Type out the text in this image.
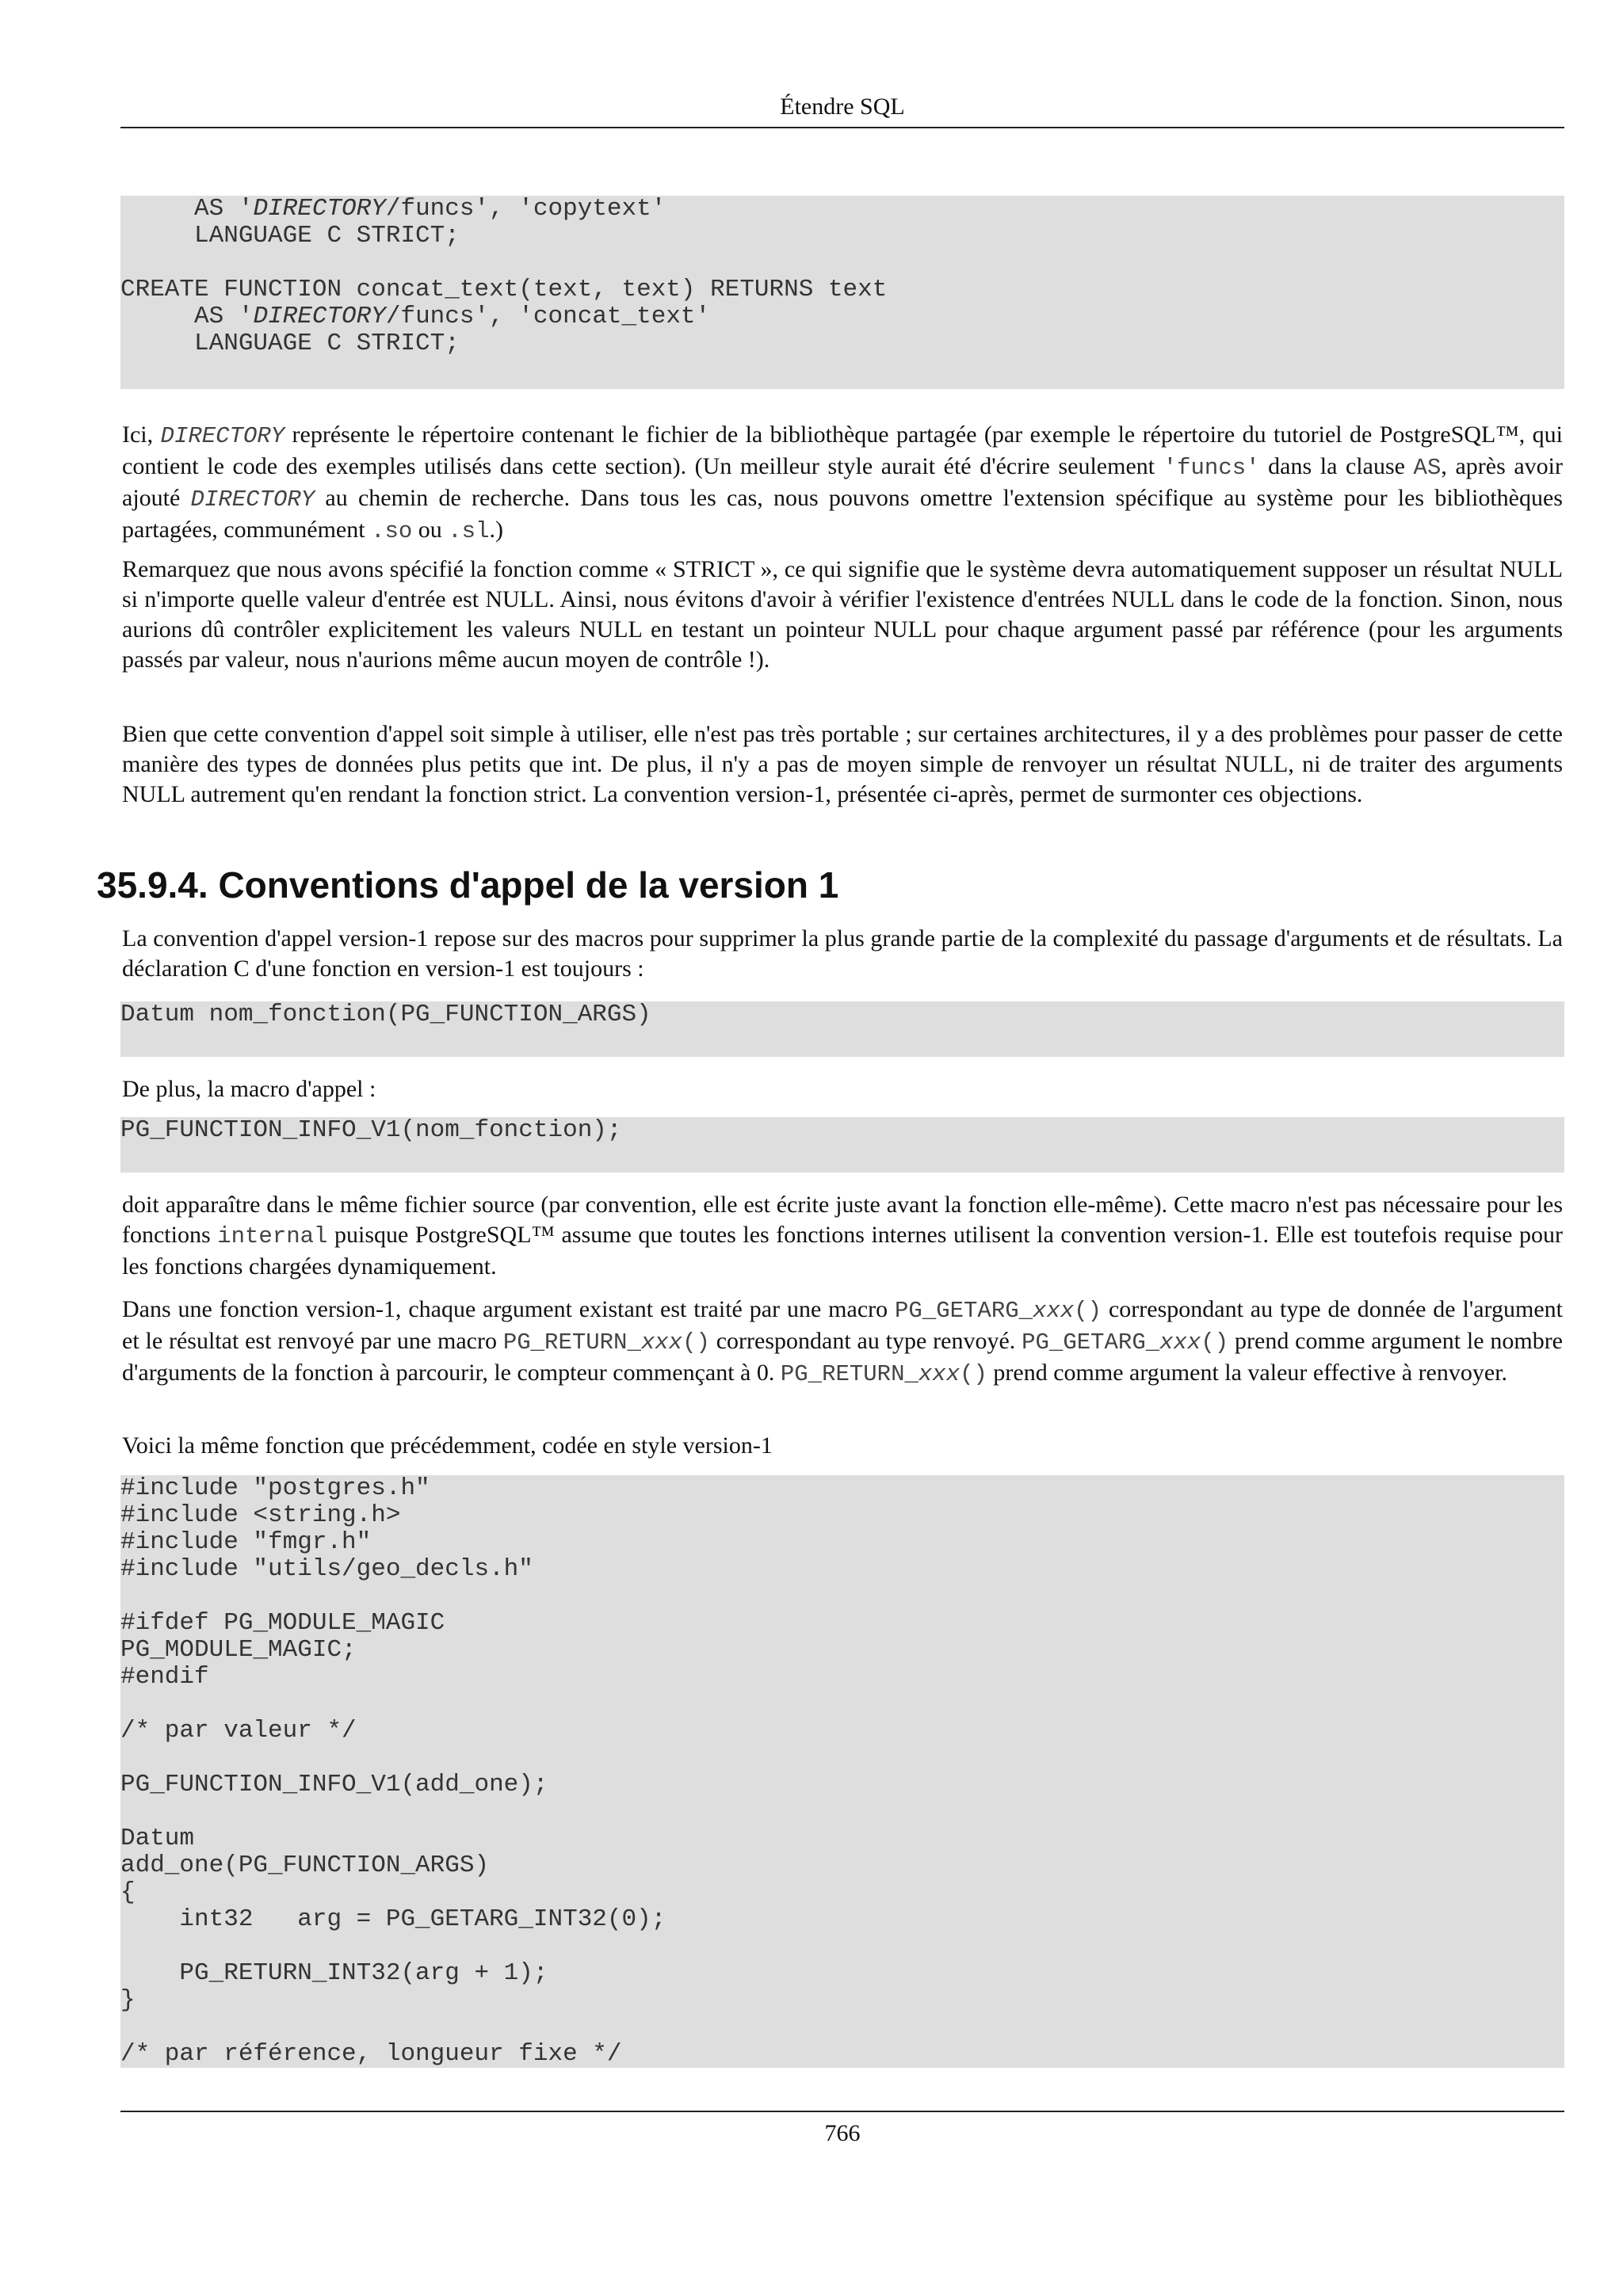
Étendre SQL
AS 'DIRECTORY/funcs', 'copytext'
LANGUAGE C STRICT;
CREATE FUNCTION concat_text(text, text) RETURNS text
AS 'DIRECTORY/funcs', 'concat_text'
LANGUAGE C STRICT;

Ici, DIRECTORY représente le répertoire contenant le fichier de la bibliothèque partagée (par exemple le répertoire du tutoriel de PostgreSQL™, qui contient le code des exemples utilisés dans cette section). (Un meilleur style aurait été d'écrire seulement 'funcs' dans la clause AS, après avoir ajouté DIRECTORY au chemin de recherche. Dans tous les cas, nous pouvons omettre l'extension spécifique au système pour les bibliothèques partagées, communément .so ou .sl.)

Remarquez que nous avons spécifié la fonction comme « STRICT », ce qui signifie que le système devra automatiquement supposer un résultat NULL si n'importe quelle valeur d'entrée est NULL. Ainsi, nous évitons d'avoir à vérifier l'existence d'entrées NULL dans le code de la fonction. Sinon, nous aurions dû contrôler explicitement les valeurs NULL en testant un pointeur NULL pour chaque argument passé par référence (pour les arguments passés par valeur, nous n'aurions même aucun moyen de contrôle !).

Bien que cette convention d'appel soit simple à utiliser, elle n'est pas très portable ; sur certaines architectures, il y a des problèmes pour passer de cette manière des types de données plus petits que int. De plus, il n'y a pas de moyen simple de renvoyer un résultat NULL, ni de traiter des arguments NULL autrement qu'en rendant la fonction strict. La convention version-1, présentée ci-après, permet de surmonter ces objections.

35.9.4. Conventions d'appel de la version 1

La convention d'appel version-1 repose sur des macros pour supprimer la plus grande partie de la complexité du passage d'arguments et de résultats. La déclaration C d'une fonction en version-1 est toujours :

Datum nom_fonction(PG_FUNCTION_ARGS)

De plus, la macro d'appel :

PG_FUNCTION_INFO_V1(nom_fonction);

doit apparaître dans le même fichier source (par convention, elle est écrite juste avant la fonction elle-même). Cette macro n'est pas nécessaire pour les fonctions internal puisque PostgreSQL™ assume que toutes les fonctions internes utilisent la convention version-1. Elle est toutefois requise pour les fonctions chargées dynamiquement.

Dans une fonction version-1, chaque argument existant est traité par une macro PG_GETARG_xxx() correspondant au type de donnée de l'argument et le résultat est renvoyé par une macro PG_RETURN_xxx() correspondant au type renvoyé. PG_GETARG_xxx() prend comme argument le nombre d'arguments de la fonction à parcourir, le compteur commençant à 0. PG_RETURN_xxx() prend comme argument la valeur effective à renvoyer.

Voici la même fonction que précédemment, codée en style version-1

#include "postgres.h"
#include <string.h>
#include "fmgr.h"
#include "utils/geo_decls.h"
#ifdef PG_MODULE_MAGIC
PG_MODULE_MAGIC;
#endif
/* par valeur */
PG_FUNCTION_INFO_V1(add_one);
Datum
add_one(PG_FUNCTION_ARGS)
{
int32   arg = PG_GETARG_INT32(0);
PG_RETURN_INT32(arg + 1);
}
/* par référence, longueur fixe */
766
